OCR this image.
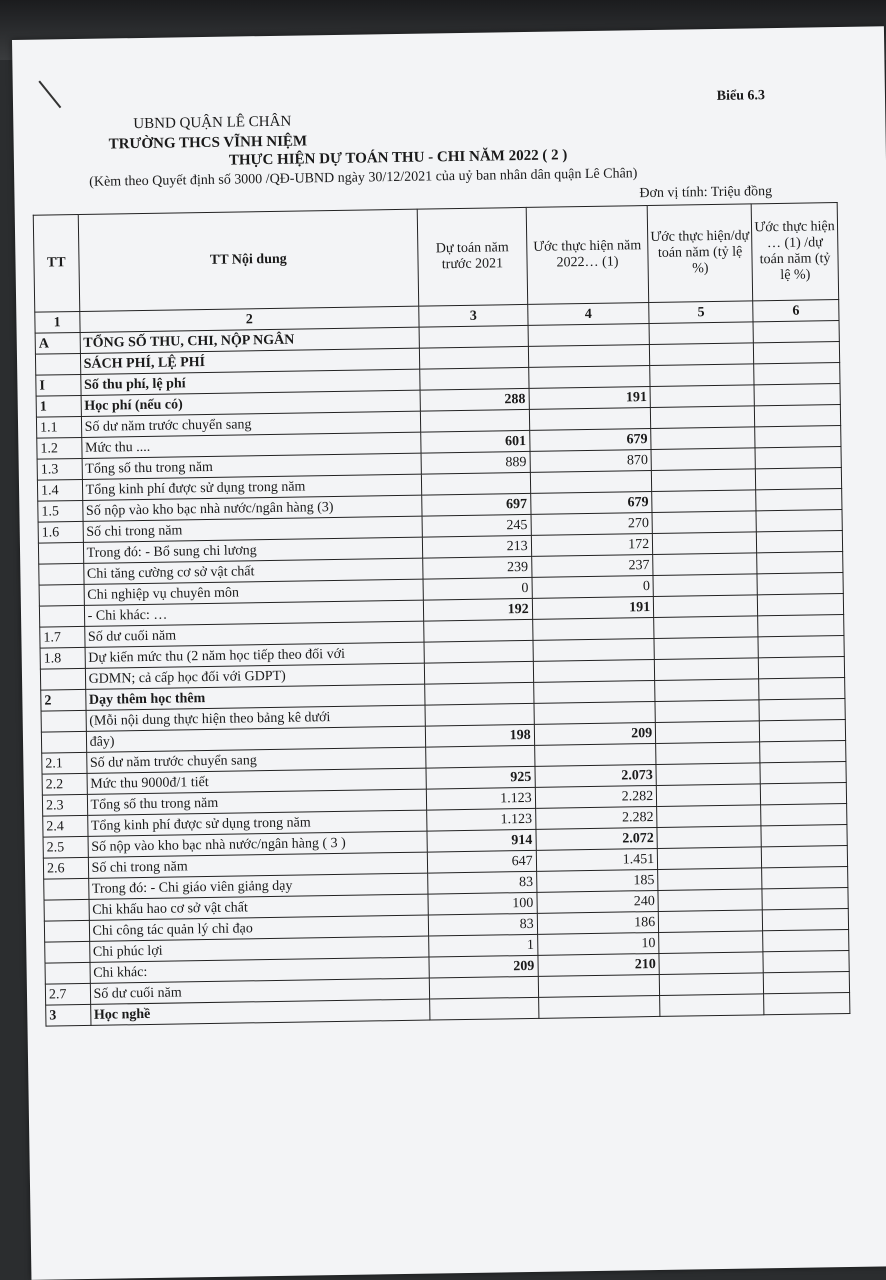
Biểu 6.3
UBND QUẬN LÊ CHÂN
TRƯỜNG THCS VĨNH NIỆM
THỰC HIỆN DỰ TOÁN THU - CHI NĂM 2022 ( 2 )
(Kèm theo Quyết định số 3000 /QĐ-UBND ngày 30/12/2021 của uỷ ban nhân dân quận Lê Chân)
Đơn vị tính: Triệu đồng
TT	TT Nội dung	Dự toán năm trước 2021	Ước thực hiện năm 2022… (1)	Ước thực hiện/dự toán năm (tỷ lệ %)	Ước thực hiện … (1) /dự toán năm (tỷ lệ %)
1	2	3	4	5	6
A	TỔNG SỐ THU, CHI, NỘP NGÂN				
	SÁCH PHÍ, LỆ PHÍ				
I	Số thu phí, lệ phí				
1	Học phí (nếu có)	288	191		
1.1	Số dư năm trước chuyển sang				
1.2	Mức thu ....	601	679		
1.3	Tổng số thu trong năm	889	870		
1.4	Tổng kinh phí được sử dụng trong năm				
1.5	Số nộp vào kho bạc nhà nước/ngân hàng (3)	697	679		
1.6	Số chi trong năm	245	270		
	Trong đó: - Bổ sung chi lương	213	172		
	Chi tăng cường cơ sở vật chất	239	237		
	Chi nghiệp vụ chuyên môn	0	0		
	- Chi khác: …	192	191		
1.7	Số dư cuối năm				
1.8	Dự kiến mức thu (2 năm học tiếp theo đối với				
	GDMN; cả cấp học đối với GDPT)				
2	Dạy thêm học thêm				
	(Mỗi nội dung thực hiện theo bảng kê dưới				
	đây)	198	209		
2.1	Số dư năm trước chuyển sang				
2.2	Mức thu 9000đ/1 tiết	925	2.073		
2.3	Tổng số thu trong năm	1.123	2.282		
2.4	Tổng kinh phí được sử dụng trong năm	1.123	2.282		
2.5	Số nộp vào kho bạc nhà nước/ngân hàng ( 3 )	914	2.072		
2.6	Số chi trong năm	647	1.451		
	Trong đó: - Chi giáo viên giảng dạy	83	185		
	Chi khấu hao cơ sở vật chất	100	240		
	Chi công tác quản lý chỉ đạo	83	186		
	Chi phúc lợi	1	10		
	Chi khác:	209	210		
2.7	Số dư cuối năm				
3	Học nghề				
